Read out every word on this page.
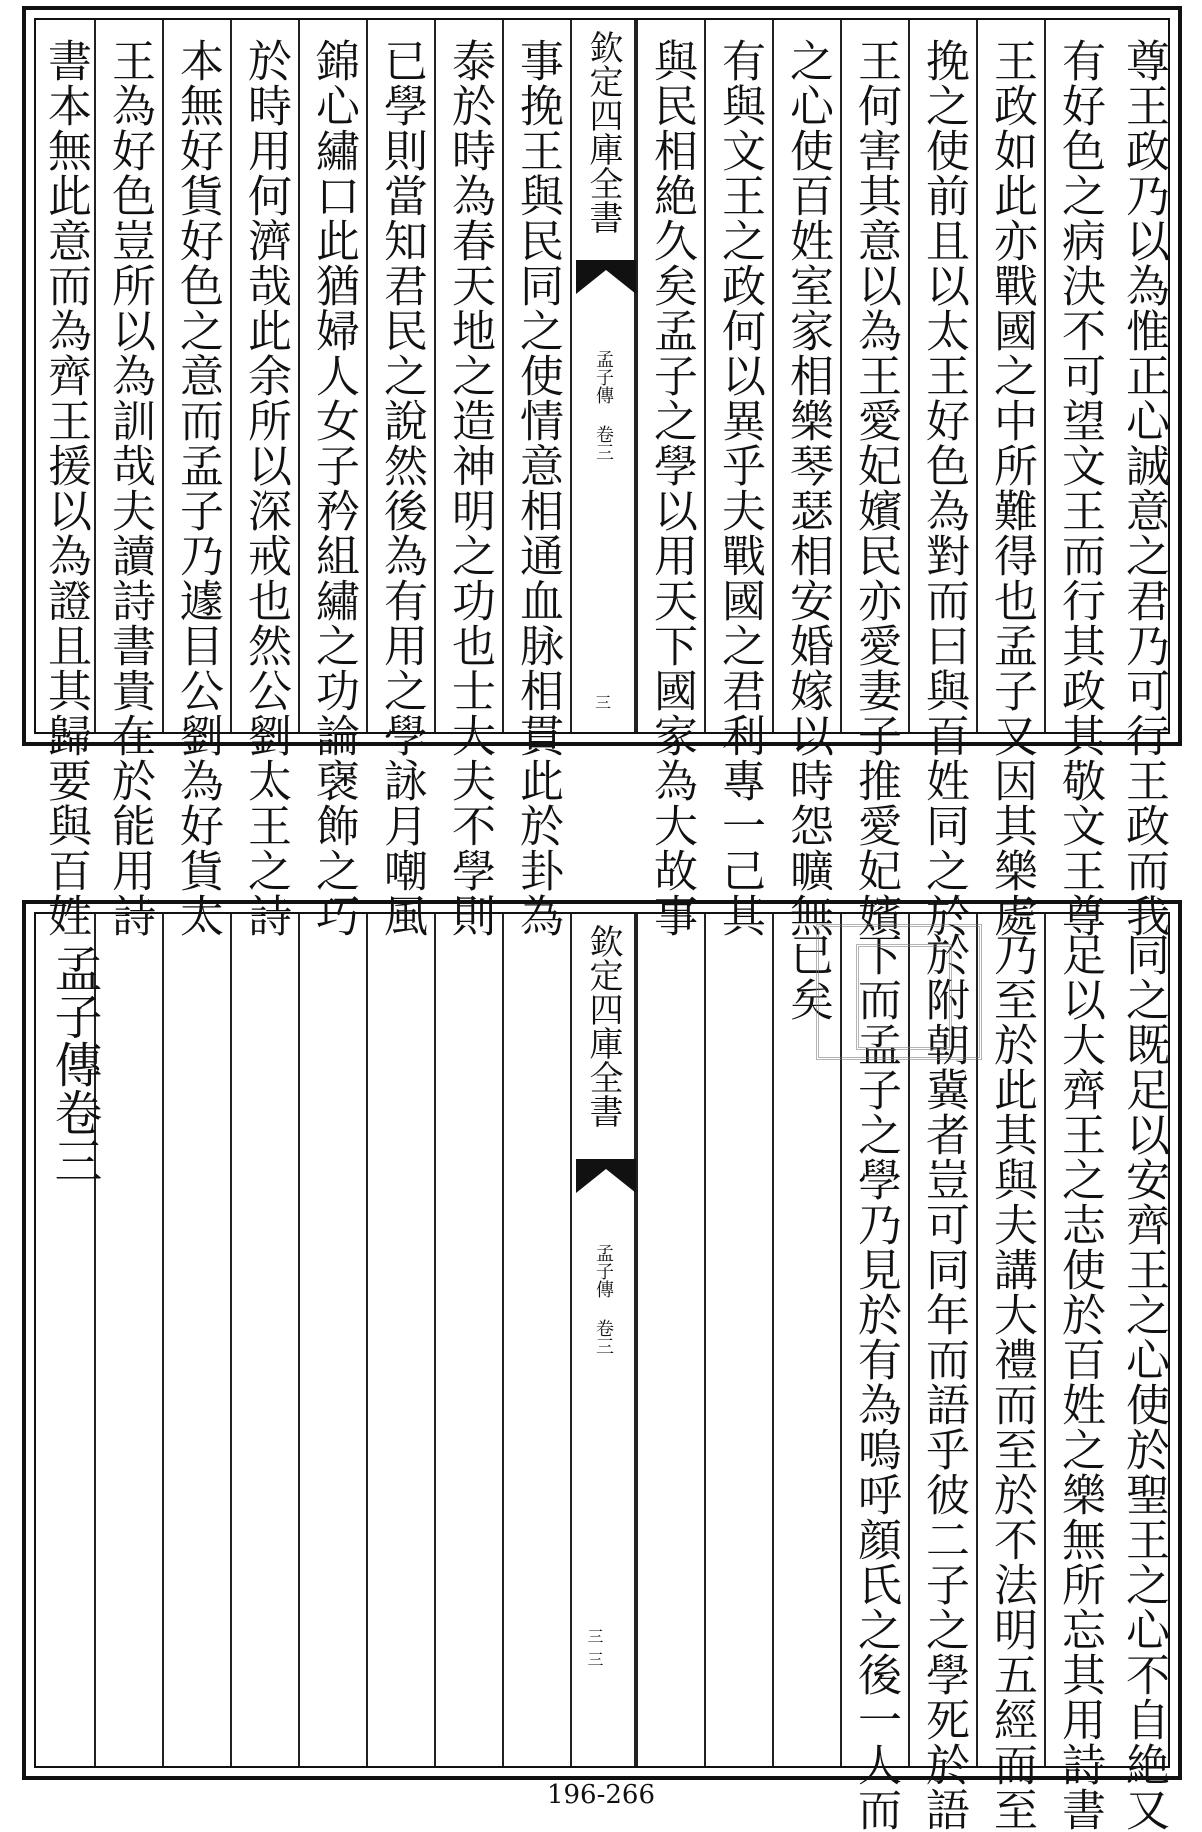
尊王政乃以為惟正心誠意之君乃可行王政而我
有好色之病決不可望文王而行其政其敬文王尊
王政如此亦戰國之中所難得也孟子又因其樂處
挽之使前且以太王好色為對而曰與百姓同之於
王何害其意以為王愛妃嬪民亦愛妻子推愛妃嬪
之心使百姓室家相樂琴瑟相安婚嫁以時怨曠無
有與文王之政何以異乎夫戰國之君利專一己其
與民相絶久矣孟子之學以用天下國家為大故事
欽定四庫全書
孟子傳 卷三
三
事挽王與民同之使情意相通血脉相貫此於卦為
泰於時為春天地之造神明之功也士大夫不學則
已學則當知君民之說然後為有用之學詠月嘲風
錦心繡口此猶婦人女子矜組繡之功論襃飾之巧
於時用何濟哉此余所以深戒也然公劉太王之詩
本無好貨好色之意而孟子乃遽目公劉為好貨太
王為好色豈所以為訓哉夫讀詩書貴在於能用詩
書本無此意而為齊王援以為證且其歸要與百姓
同之既足以安齊王之心使於聖王之心不自絶又
足以大齊王之志使於百姓之樂無所忘其用詩書
乃至於此其與夫講大禮而至於不法明五經而至
於附朝冀者豈可同年而語乎彼二子之學死於語
下而孟子之學乃見於有為嗚呼顔氏之後一人而
已矣
欽定四庫全書
孟子傳 卷三
三三
孟子傳卷三
196-266
